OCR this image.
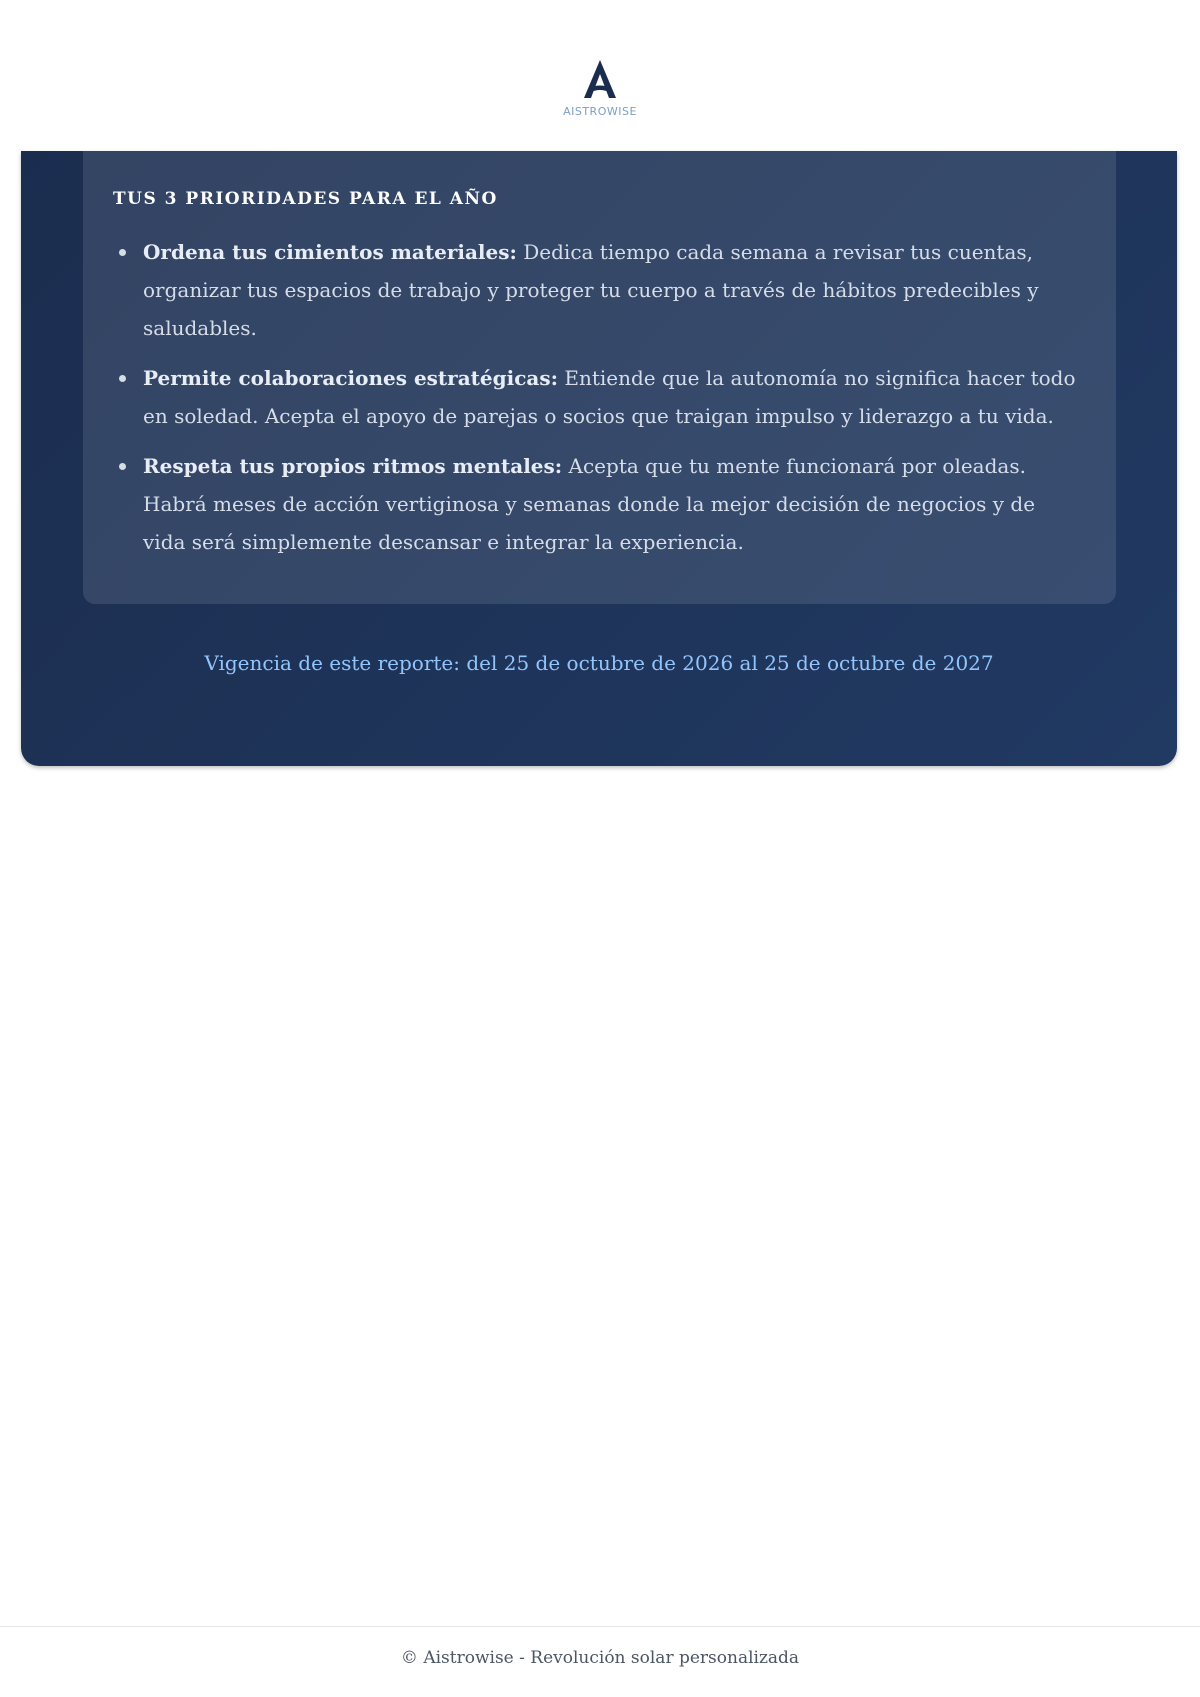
AISTROWISE
TUS 3 PRIORIDADES PARA EL AÑO
Ordena tus cimientos materiales: Dedica tiempo cada semana a revisar tus cuentas, organizar tus espacios de trabajo y proteger tu cuerpo a través de hábitos predecibles y saludables.
Permite colaboraciones estratégicas: Entiende que la autonomía no significa hacer todo en soledad. Acepta el apoyo de parejas o socios que traigan impulso y liderazgo a tu vida.
Respeta tus propios ritmos mentales: Acepta que tu mente funcionará por oleadas. Habrá meses de acción vertiginosa y semanas donde la mejor decisión de negocios y de vida será simplemente descansar e integrar la experiencia.
Vigencia de este reporte: del 25 de octubre de 2026 al 25 de octubre de 2027
© Aistrowise - Revolución solar personalizada
